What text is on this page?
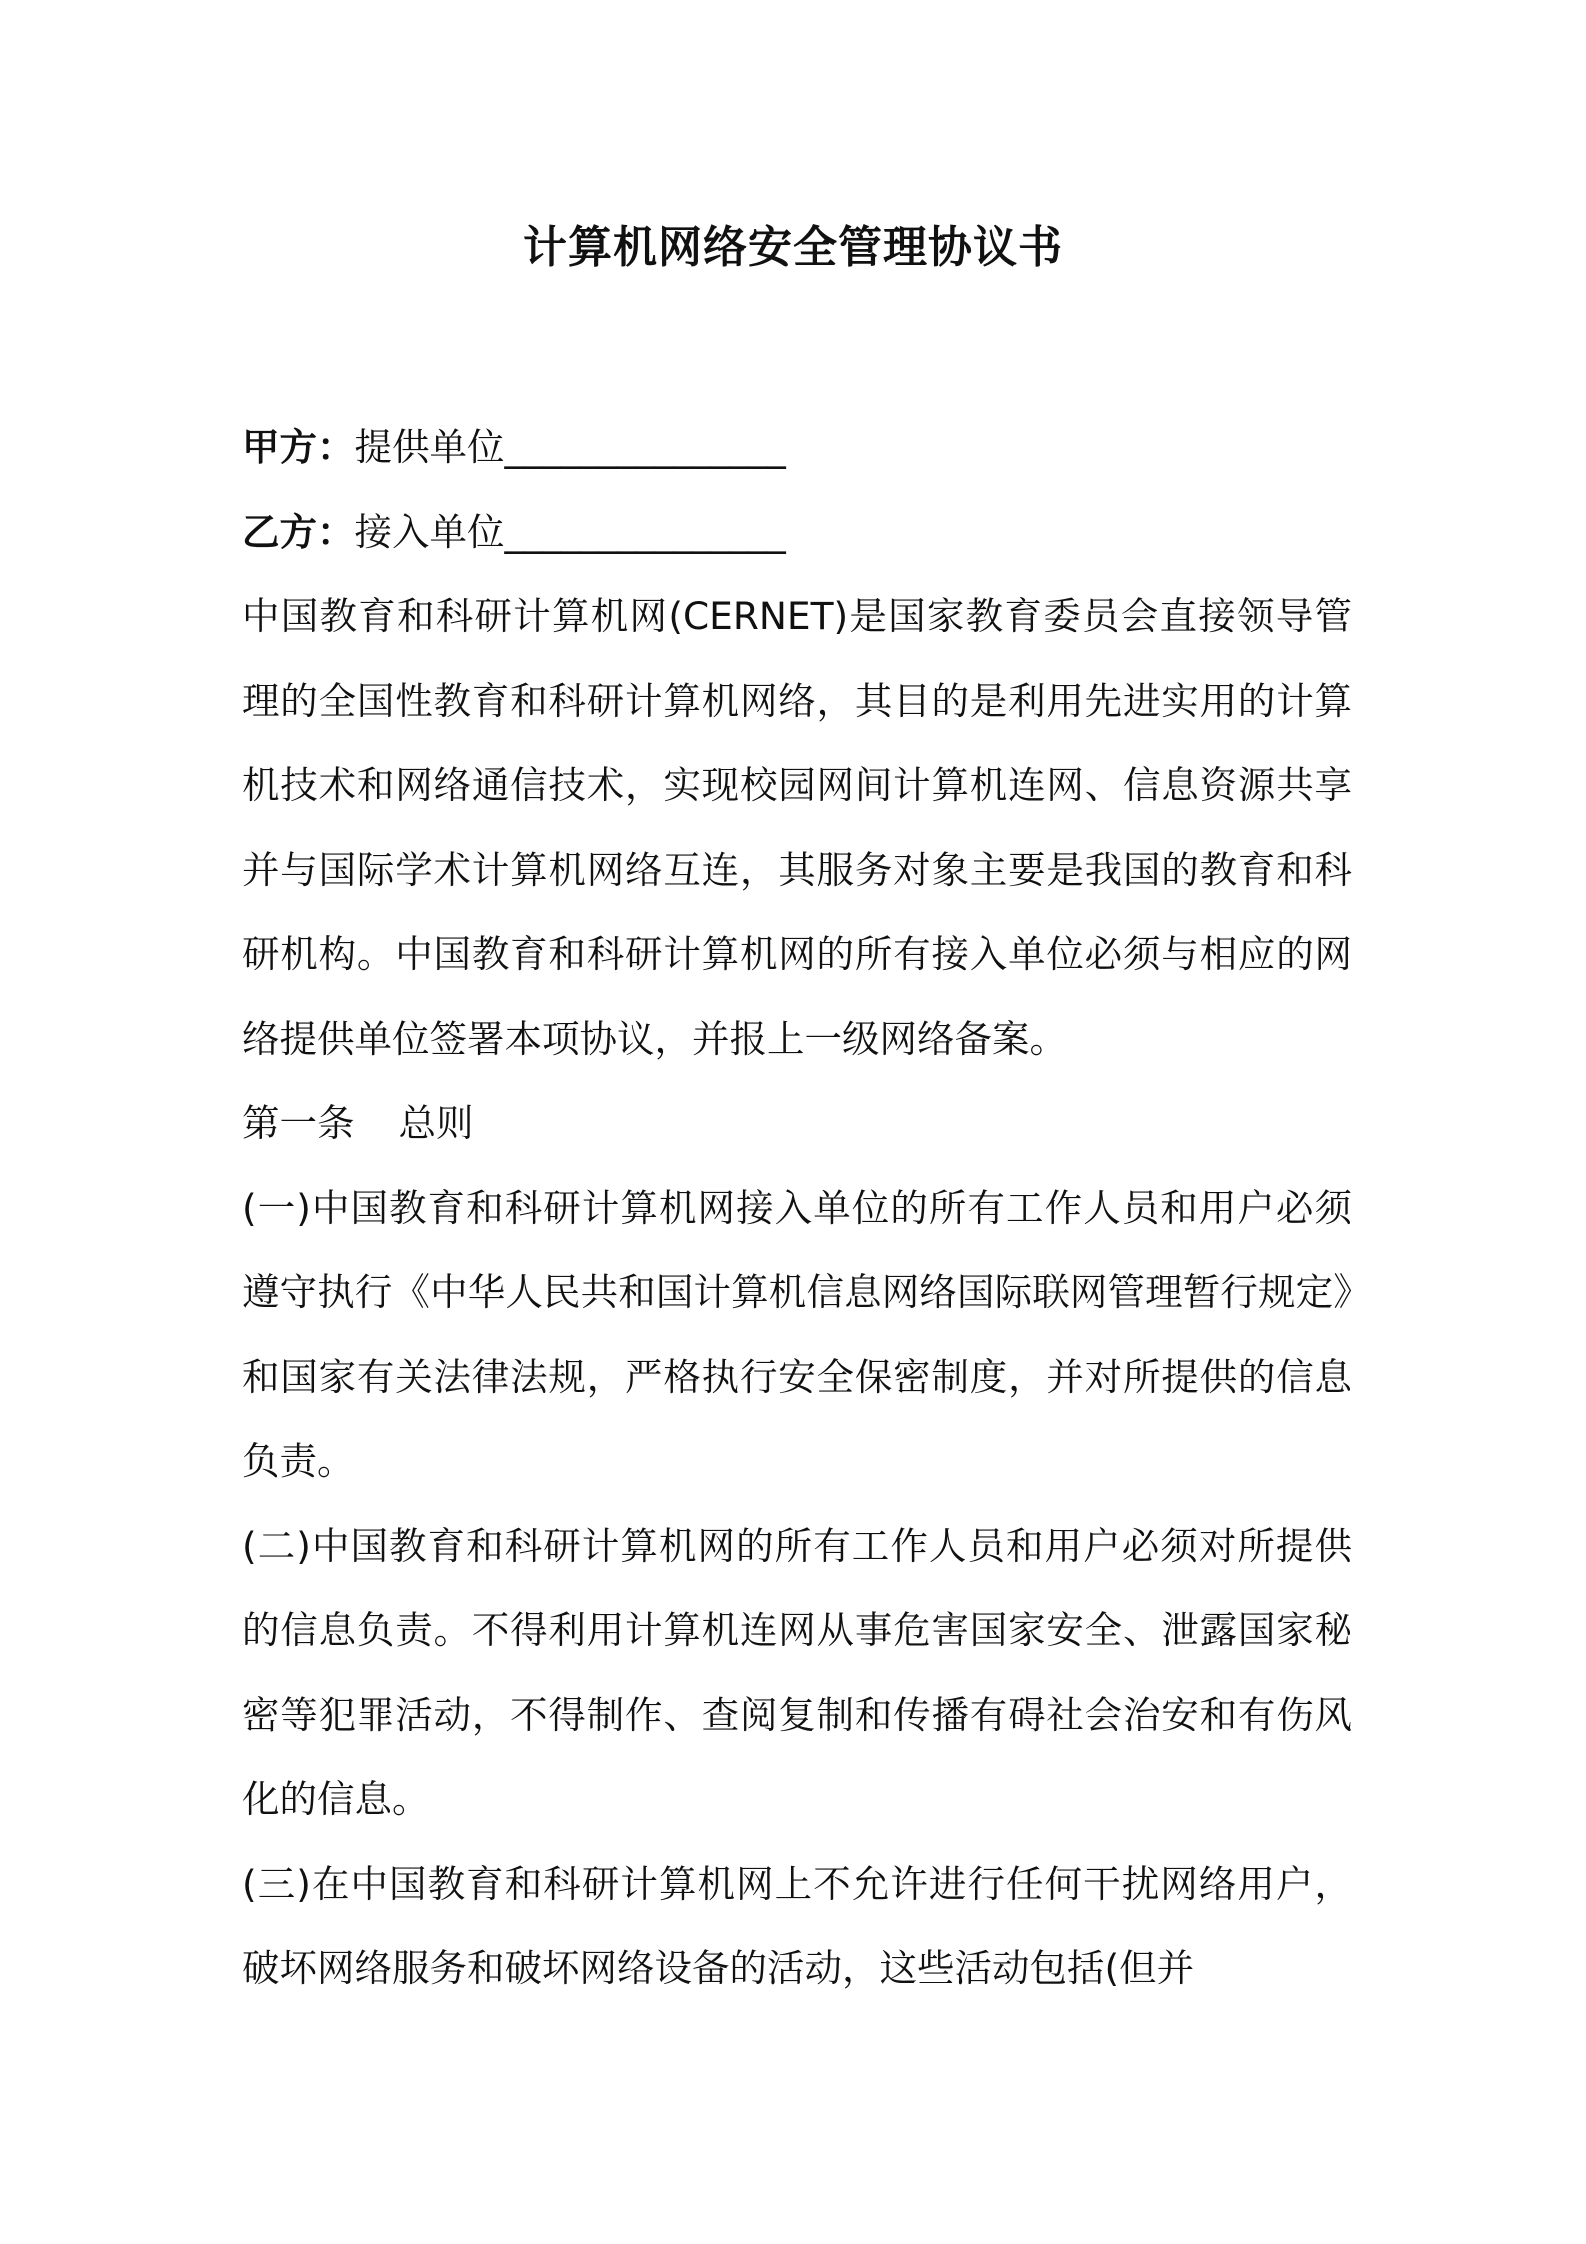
计算机网络安全管理协议书

甲方：提供单位_______________

乙方：接入单位_______________

中国教育和科研计算机网(CERNET)是国家教育委员会直接领导管理的全国性教育和科研计算机网络，其目的是利用先进实用的计算机技术和网络通信技术，实现校园网间计算机连网、信息资源共享并与国际学术计算机网络互连，其服务对象主要是我国的教育和科研机构。中国教育和科研计算机网的所有接入单位必须与相应的网络提供单位签署本项协议，并报上一级网络备案。

第一条 总则

(一)中国教育和科研计算机网接入单位的所有工作人员和用户必须遵守执行《中华人民共和国计算机信息网络国际联网管理暂行规定》和国家有关法律法规，严格执行安全保密制度，并对所提供的信息负责。

(二)中国教育和科研计算机网的所有工作人员和用户必须对所提供的信息负责。不得利用计算机连网从事危害国家安全、泄露国家秘密等犯罪活动，不得制作、查阅复制和传播有碍社会治安和有伤风化的信息。

(三)在中国教育和科研计算机网上不允许进行任何干扰网络用户，破坏网络服务和破坏网络设备的活动，这些活动包括(但并
